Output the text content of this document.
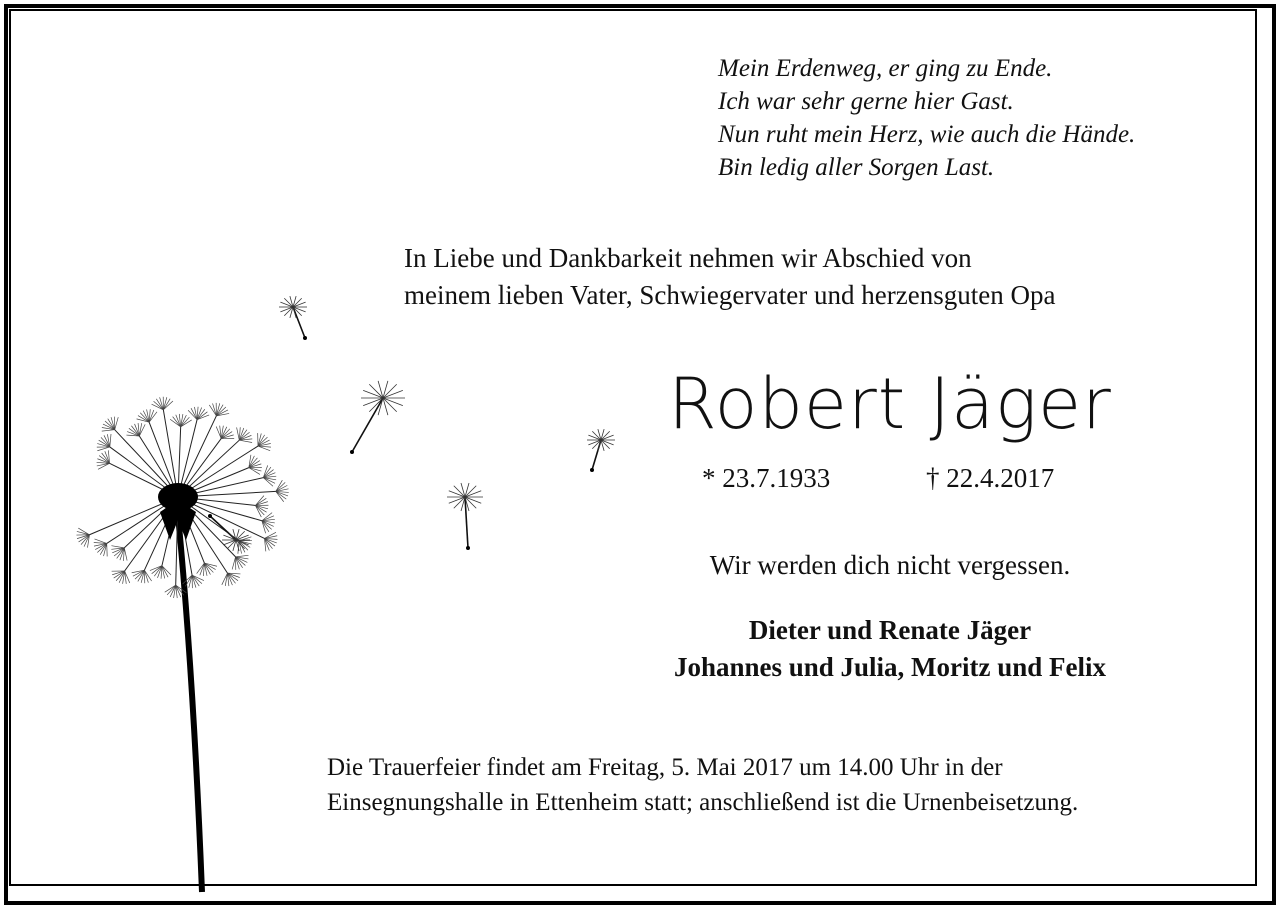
Mein Erdenweg, er ging zu Ende.
Ich war sehr gerne hier Gast.
Nun ruht mein Herz, wie auch die Hände.
Bin ledig aller Sorgen Last.
In Liebe und Dankbarkeit nehmen wir Abschied von
meinem lieben Vater, Schwiegervater und herzensguten Opa
Robert Jäger
* 23.7.1933	† 22.4.2017
Wir werden dich nicht vergessen.
Dieter und Renate Jäger
Johannes und Julia, Moritz und Felix
Die Trauerfeier findet am Freitag, 5. Mai 2017 um 14.00 Uhr in der
Einsegnungshalle in Ettenheim statt; anschließend ist die Urnenbeisetzung.
